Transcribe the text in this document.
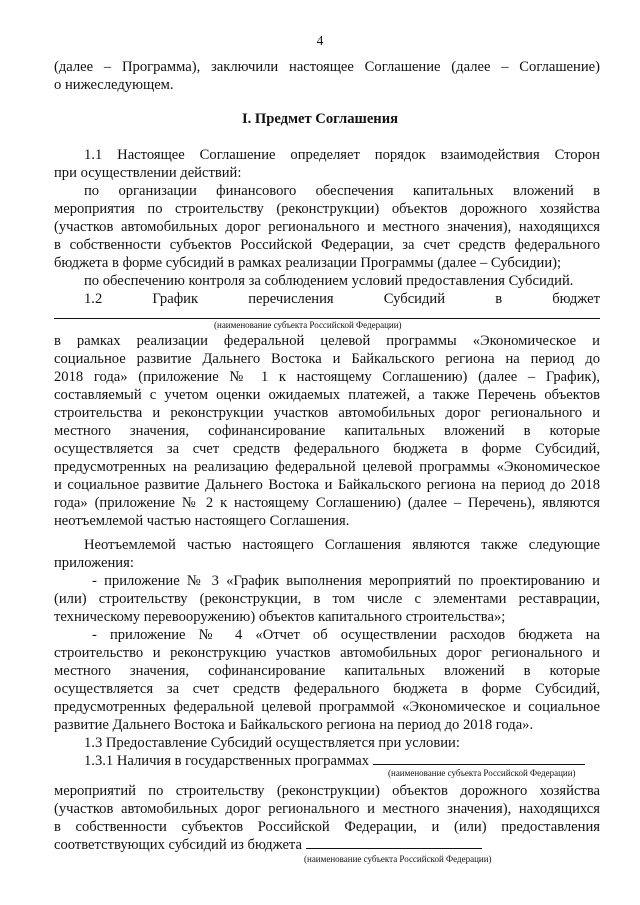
4
(далее – Программа), заключили настоящее Соглашение (далее – Соглашение)
о нижеследующем.
I. Предмет Соглашения
1.1 Настоящее Соглашение определяет порядок взаимодействия Сторон
при осуществлении действий:
по организации финансового обеспечения капитальных вложений в
мероприятия по строительству (реконструкции) объектов дорожного хозяйства
(участков автомобильных дорог регионального и местного значения), находящихся
в собственности субъектов Российской Федерации, за счет средств федерального
бюджета в форме субсидий в рамках реализации Программы (далее – Субсидии);
по обеспечению контроля за соблюдением условий предоставления Субсидий.
1.2	График	перечисления	Субсидий	в	бюджет
(наименование субъекта Российской Федерации)
в рамках реализации федеральной целевой программы «Экономическое и
социальное развитие Дальнего Востока и Байкальского региона на период до
2018 года» (приложение № 1 к настоящему Соглашению) (далее – График),
составляемый с учетом оценки ожидаемых платежей, а также Перечень объектов
строительства и реконструкции участков автомобильных дорог регионального и
местного значения, софинансирование капитальных вложений в которые
осуществляется за счет средств федерального бюджета в форме Субсидий,
предусмотренных на реализацию федеральной целевой программы «Экономическое
и социальное развитие Дальнего Востока и Байкальского региона на период до 2018
года» (приложение № 2 к настоящему Соглашению) (далее – Перечень), являются
неотъемлемой частью настоящего Соглашения.
Неотъемлемой частью настоящего Соглашения являются также следующие
приложения:
- приложение № 3 «График выполнения мероприятий по проектированию и
(или) строительству (реконструкции, в том числе с элементами реставрации,
техническому перевооружению) объектов капитального строительства»;
- приложение № 4 «Отчет об осуществлении расходов бюджета на
строительство и реконструкцию участков автомобильных дорог регионального и
местного значения, софинансирование капитальных вложений в которые
осуществляется за счет средств федерального бюджета в форме Субсидий,
предусмотренных федеральной целевой программой «Экономическое и социальное
развитие Дальнего Востока и Байкальского региона на период до 2018 года».
1.3 Предоставление Субсидий осуществляется при условии:
1.3.1 Наличия в государственных программах
(наименование субъекта Российской Федерации)
мероприятий по строительству (реконструкции) объектов дорожного хозяйства
(участков автомобильных дорог регионального и местного значения), находящихся
в собственности субъектов Российской Федерации, и (или) предоставления
соответствующих субсидий из бюджета
(наименование субъекта Российской Федерации)
